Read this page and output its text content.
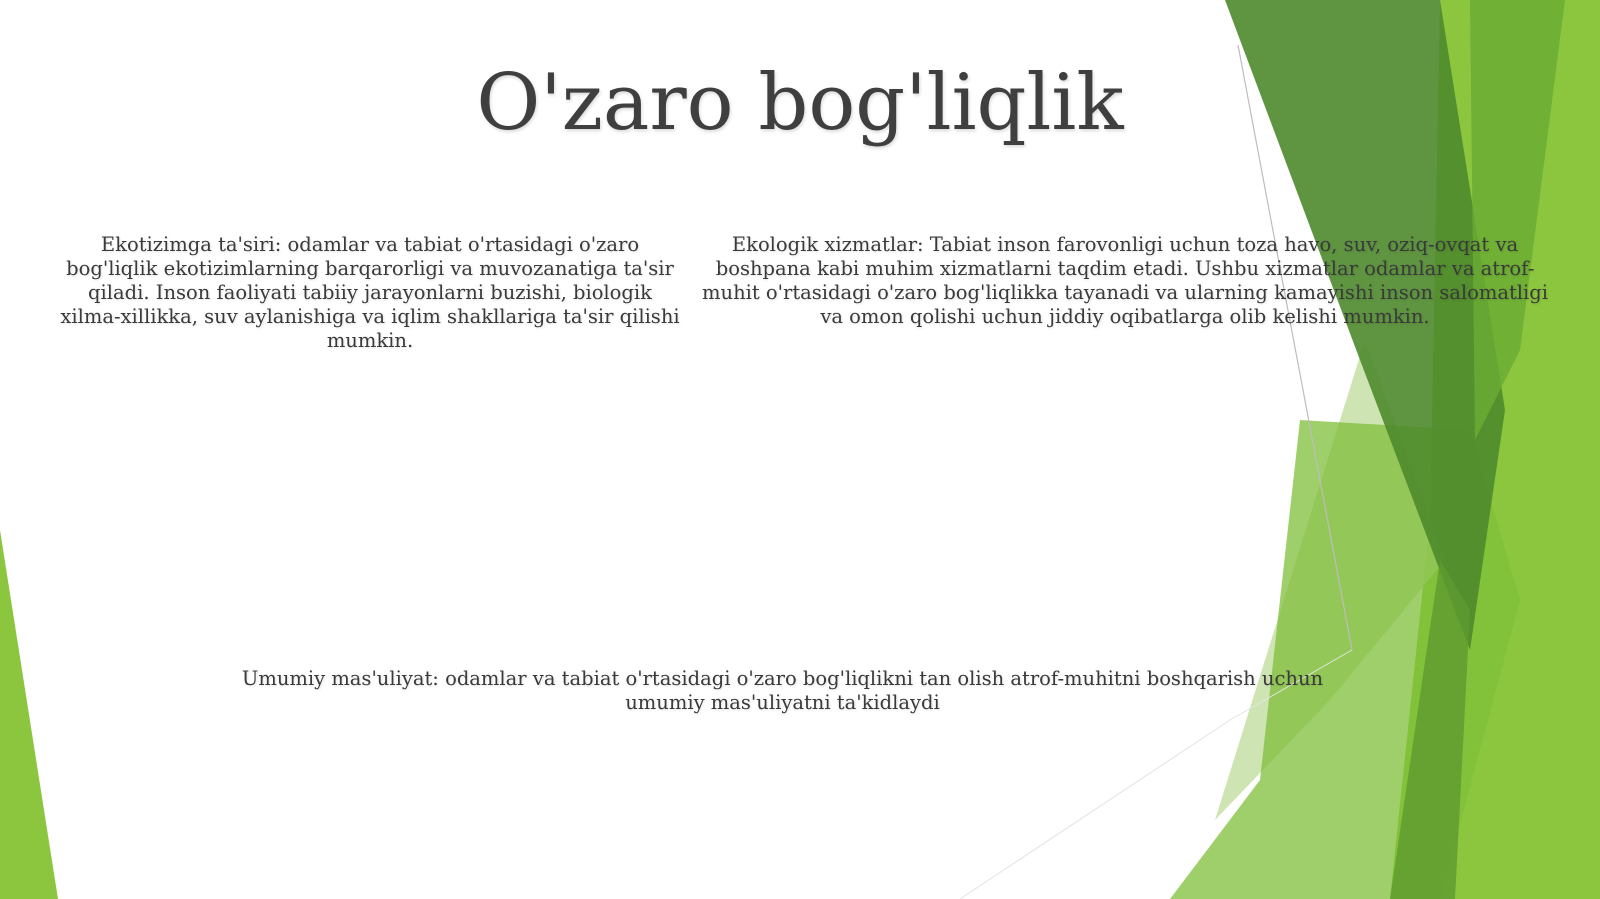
O'zaro bog'liqlik
Ekotizimga ta'siri: odamlar va tabiat o'rtasidagi o'zaro bog'liqlik ekotizimlarning barqarorligi va muvozanatiga ta'sir qiladi. Inson faoliyati tabiiy jarayonlarni buzishi, biologik xilma-xillikka, suv aylanishiga va iqlim shakllariga ta'sir qilishi mumkin.
Ekologik xizmatlar: Tabiat inson farovonligi uchun toza havo, suv, oziq-ovqat va boshpana kabi muhim xizmatlarni taqdim etadi. Ushbu xizmatlar odamlar va atrof-muhit o'rtasidagi o'zaro bog'liqlikka tayanadi va ularning kamayishi inson salomatligi va omon qolishi uchun jiddiy oqibatlarga olib kelishi mumkin.
Umumiy mas'uliyat: odamlar va tabiat o'rtasidagi o'zaro bog'liqlikni tan olish atrof-muhitni boshqarish uchun umumiy mas'uliyatni ta'kidlaydi
